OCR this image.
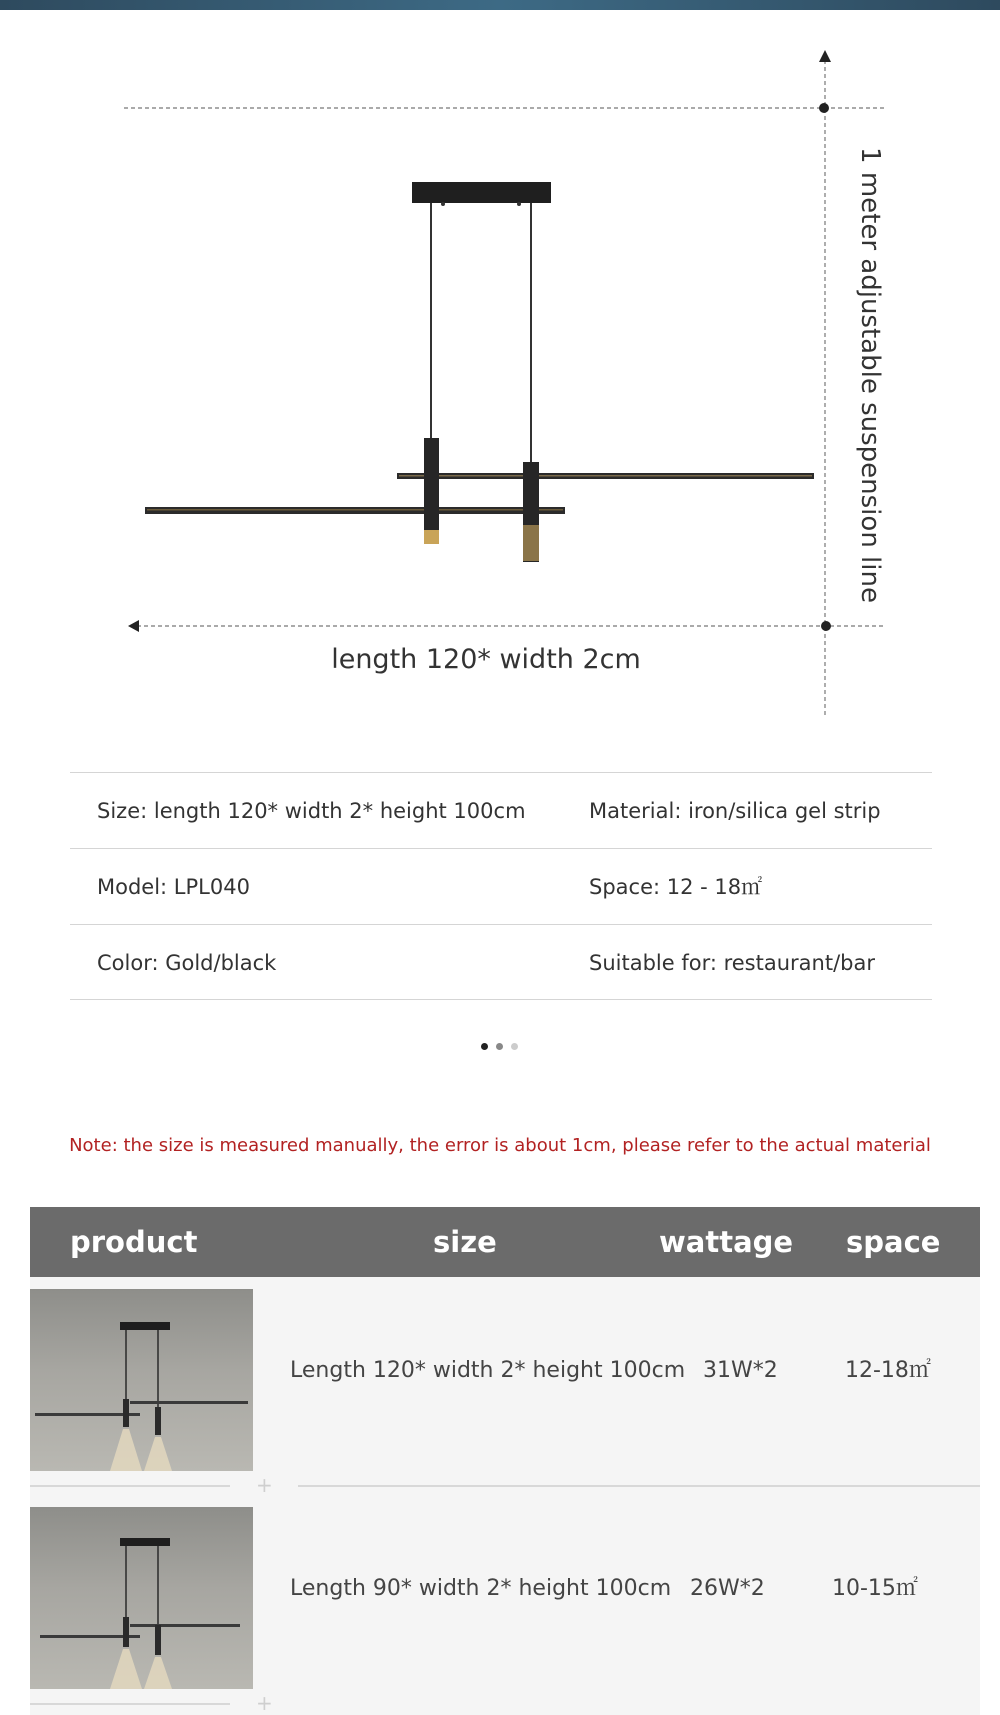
length 120* width 2cm
1 meter adjustable suspension line
Size: length 120* width 2* height 100cm	Material: iron/silica gel strip
Model: LPL040	Space: 12 - 18㎡
Color: Gold/black	Suitable for: restaurant/bar
Note: the size is measured manually, the error is about 1cm, please refer to the actual material
product	size	wattage space
Length 120* width 2* height 100cm 31W*2	12-18㎡
+
Length 90* width 2* height 100cm 26W*2	10-15㎡
+
